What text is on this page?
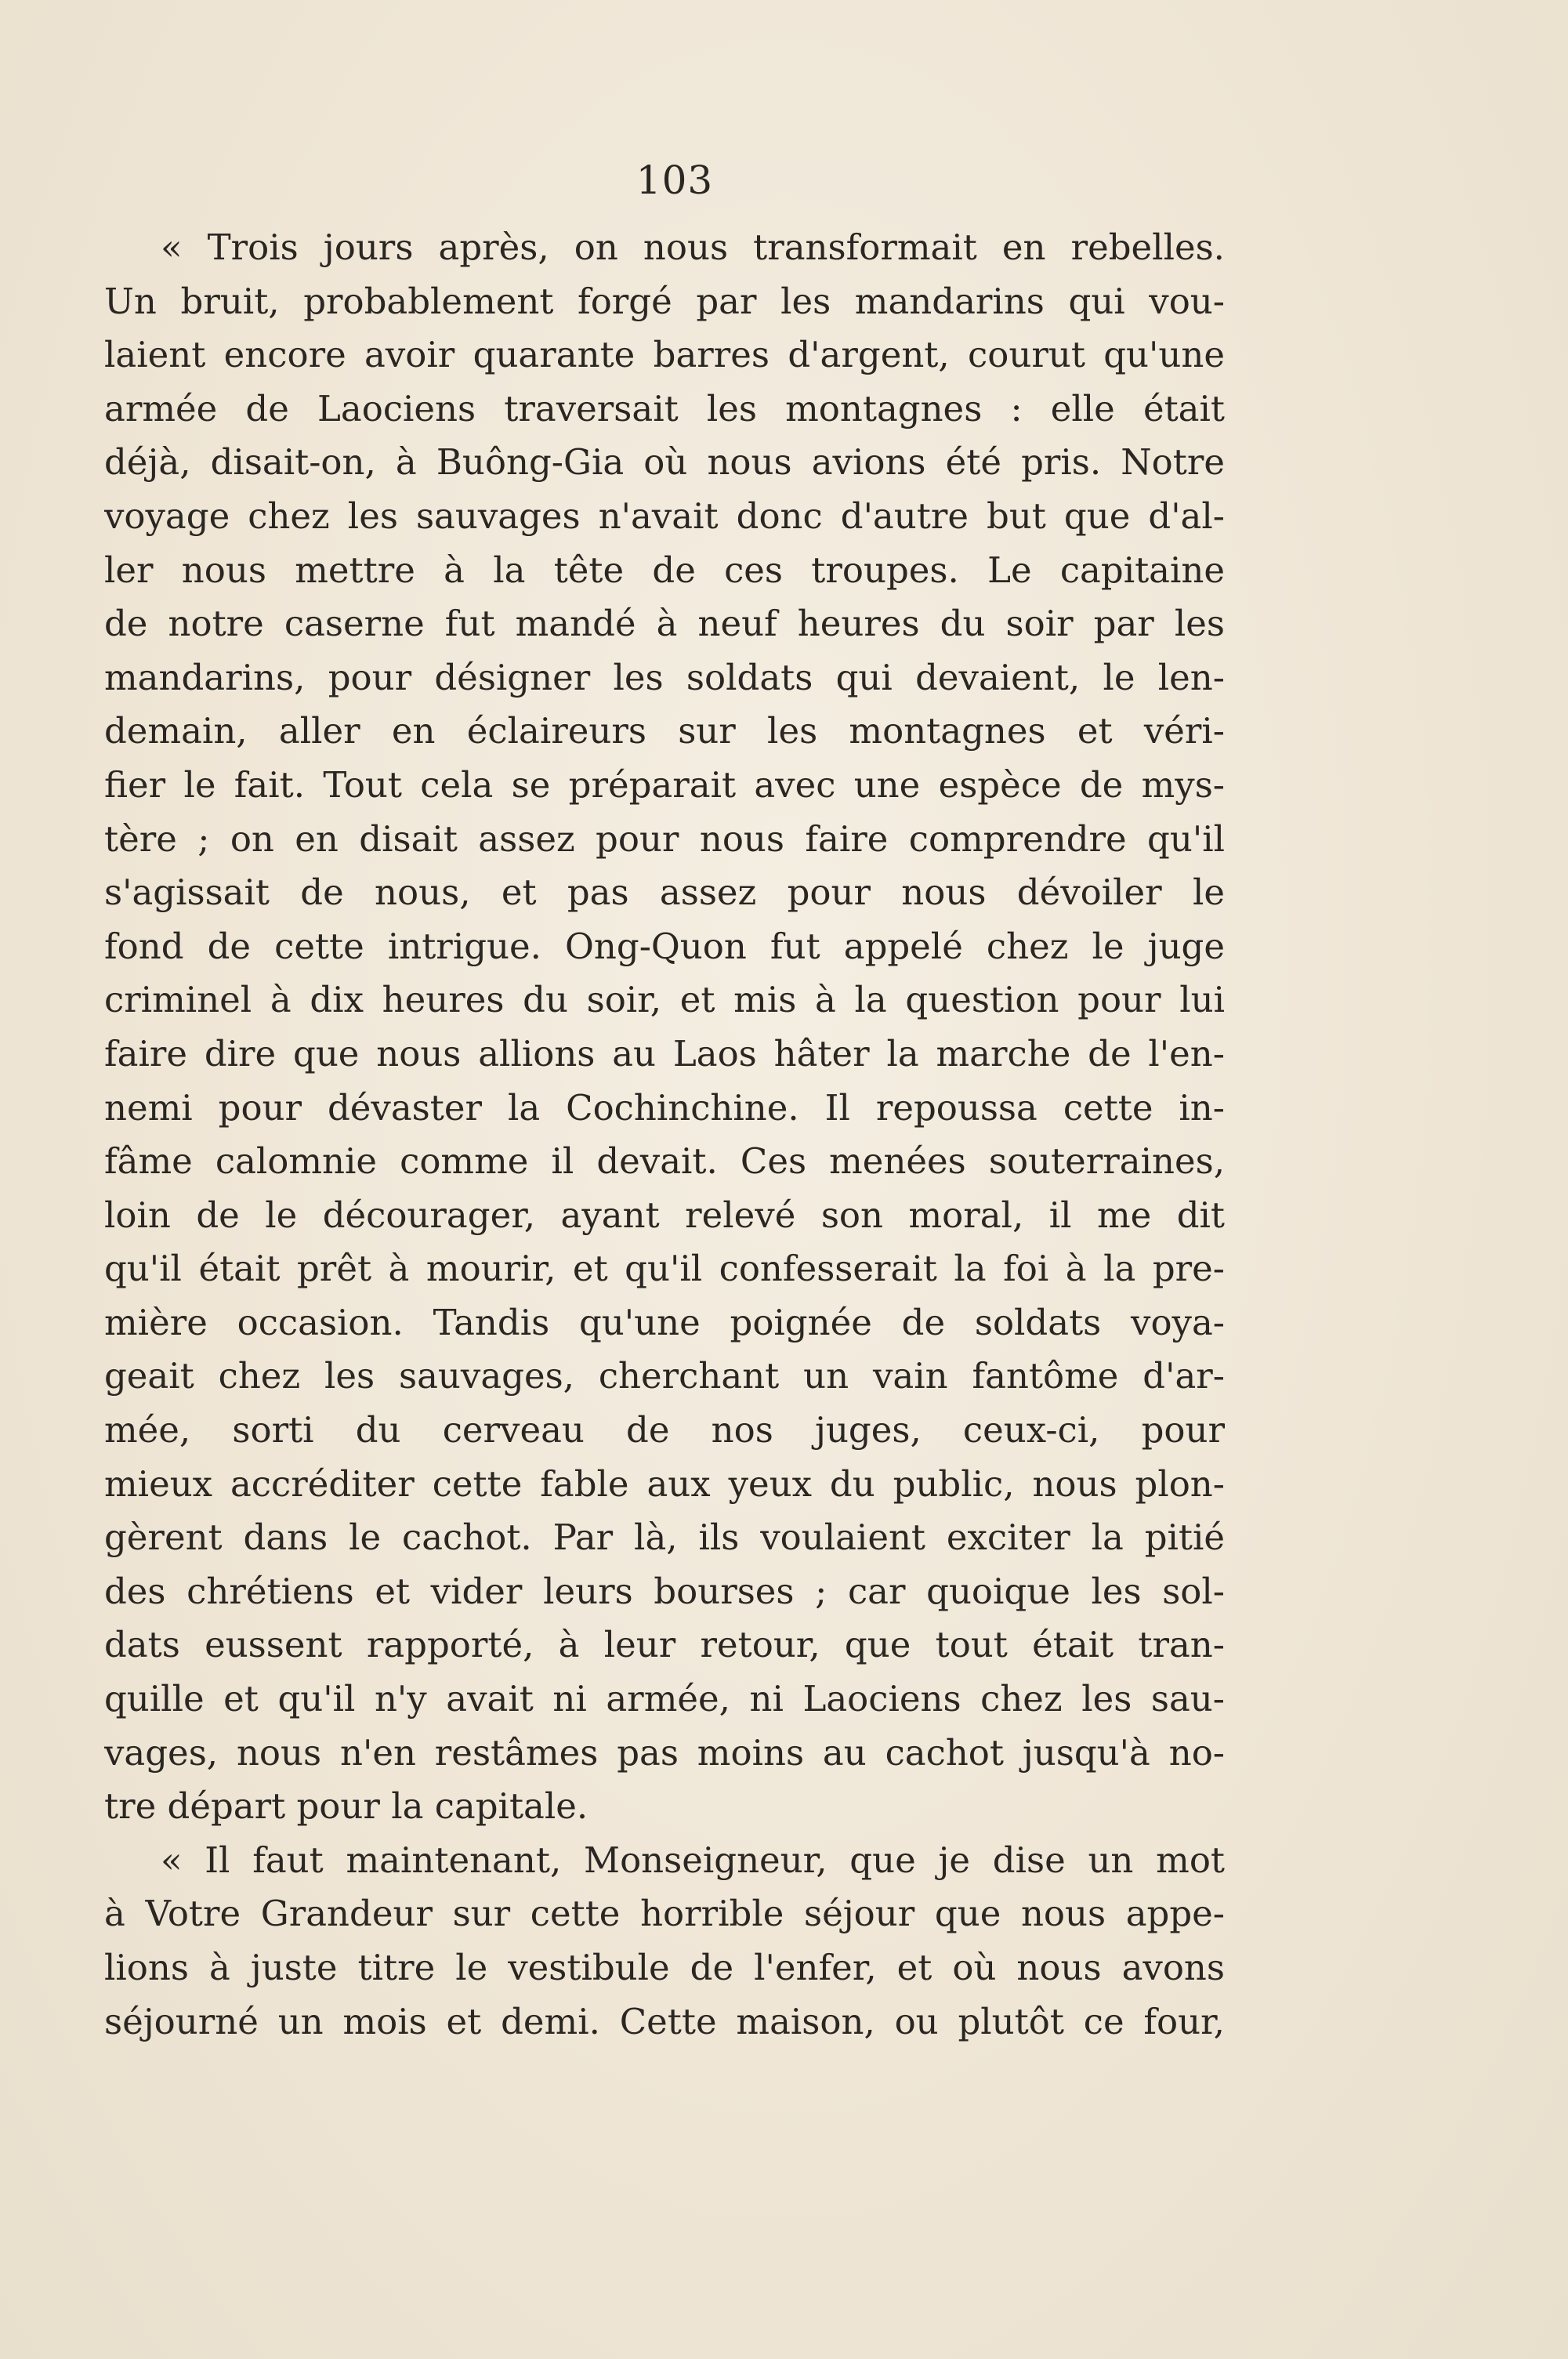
103
« Trois jours après, on nous transformait en rebelles.
Un bruit, probablement forgé par les mandarins qui vou-
laient encore avoir quarante barres d'argent, courut qu'une
armée de Laociens traversait les montagnes : elle était
déjà, disait-on, à Buông-Gia où nous avions été pris. Notre
voyage chez les sauvages n'avait donc d'autre but que d'al-
ler nous mettre à la tête de ces troupes. Le capitaine
de notre caserne fut mandé à neuf heures du soir par les
mandarins, pour désigner les soldats qui devaient, le len-
demain, aller en éclaireurs sur les montagnes et véri-
fier le fait. Tout cela se préparait avec une espèce de mys-
tère ; on en disait assez pour nous faire comprendre qu'il
s'agissait de nous, et pas assez pour nous dévoiler le
fond de cette intrigue. Ong-Quon fut appelé chez le juge
criminel à dix heures du soir, et mis à la question pour lui
faire dire que nous allions au Laos hâter la marche de l'en-
nemi pour dévaster la Cochinchine. Il repoussa cette in-
fâme calomnie comme il devait. Ces menées souterraines,
loin de le décourager, ayant relevé son moral, il me dit
qu'il était prêt à mourir, et qu'il confesserait la foi à la pre-
mière occasion. Tandis qu'une poignée de soldats voya-
geait chez les sauvages, cherchant un vain fantôme d'ar-
mée, sorti du cerveau de nos juges, ceux-ci, pour
mieux accréditer cette fable aux yeux du public, nous plon-
gèrent dans le cachot. Par là, ils voulaient exciter la pitié
des chrétiens et vider leurs bourses ; car quoique les sol-
dats eussent rapporté, à leur retour, que tout était tran-
quille et qu'il n'y avait ni armée, ni Laociens chez les sau-
vages, nous n'en restâmes pas moins au cachot jusqu'à no-
tre départ pour la capitale.
« Il faut maintenant, Monseigneur, que je dise un mot
à Votre Grandeur sur cette horrible séjour que nous appe-
lions à juste titre le vestibule de l'enfer, et où nous avons
séjourné un mois et demi. Cette maison, ou plutôt ce four,
